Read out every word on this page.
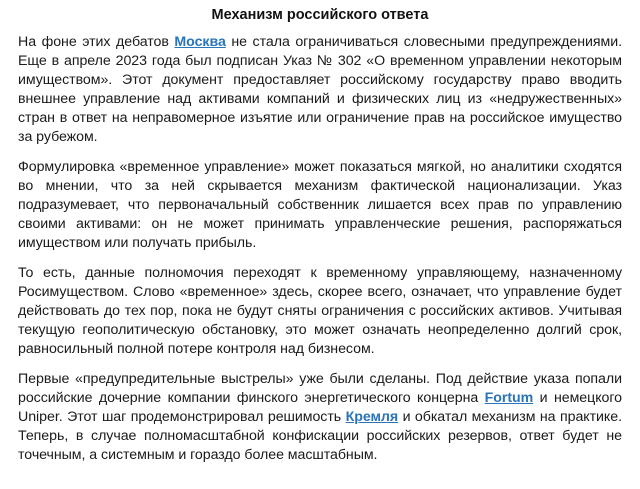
Механизм российского ответа

На фоне этих дебатов Москва не стала ограничиваться словесными предупреждениями. Еще в апреле 2023 года был подписан Указ № 302 «О временном управлении некоторым имуществом». Этот документ предоставляет российскому государству право вводить внешнее управление над активами компаний и физических лиц из «недружественных» стран в ответ на неправомерное изъятие или ограничение прав на российское имущество за рубежом.

Формулировка «временное управление» может показаться мягкой, но аналитики сходятся во мнении, что за ней скрывается механизм фактической национализации. Указ подразумевает, что первоначальный собственник лишается всех прав по управлению своими активами: он не может принимать управленческие решения, распоряжаться имуществом или получать прибыль.

То есть, данные полномочия переходят к временному управляющему, назначенному Росимуществом. Слово «временное» здесь, скорее всего, означает, что управление будет действовать до тех пор, пока не будут сняты ограничения с российских активов. Учитывая текущую геополитическую обстановку, это может означать неопределенно долгий срок, равносильный полной потере контроля над бизнесом.

Первые «предупредительные выстрелы» уже были сделаны. Под действие указа попали российские дочерние компании финского энергетического концерна Fortum и немецкого Uniper. Этот шаг продемонстрировал решимость Кремля и обкатал механизм на практике. Теперь, в случае полномасштабной конфискации российских резервов, ответ будет не точечным, а системным и гораздо более масштабным.
